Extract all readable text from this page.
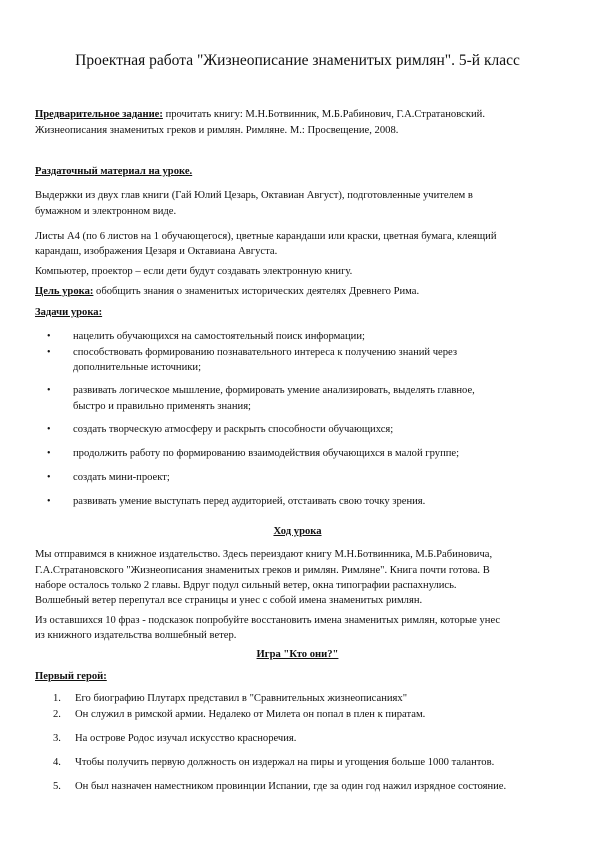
Проектная работа "Жизнеописание знаменитых римлян". 5-й класс
Предварительное задание: прочитать книгу: М.Н.Ботвинник, М.Б.Рабинович, Г.А.Стратановский.
Жизнеописания знаменитых греков и римлян. Римляне. М.: Просвещение, 2008.
Раздаточный материал на уроке.
Выдержки из двух глав книги (Гай Юлий Цезарь, Октавиан Август), подготовленные учителем в
бумажном и электронном виде.
Листы А4 (по 6 листов на 1 обучающегося), цветные карандаши или краски, цветная бумага, клеящий
карандаш, изображения Цезаря и Октавиана Августа.
Компьютер, проектор – если дети будут создавать электронную книгу.
Цель урока: обобщить знания о знаменитых исторических деятелях Древнего Рима.
Задачи урока:
• нацелить обучающихся на самостоятельный поиск информации;
• способствовать формированию познавательного интереса к получению знаний через
дополнительные источники;
• развивать логическое мышление, формировать умение анализировать, выделять главное,
быстро и правильно применять знания;
• создать творческую атмосферу и раскрыть способности обучающихся;
• продолжить работу по формированию взаимодействия обучающихся в малой группе;
• создать мини-проект;
• развивать умение выступать перед аудиторией, отстаивать свою точку зрения.
Ход урока
Мы отправимся в книжное издательство. Здесь переиздают книгу М.Н.Ботвинника, М.Б.Рабиновича,
Г.А.Стратановского "Жизнеописания знаменитых греков и римлян. Римляне". Книга почти готова. В
наборе осталось только 2 главы. Вдруг подул сильный ветер, окна типографии распахнулись.
Волшебный ветер перепутал все страницы и унес с собой имена знаменитых римлян.
Из оставшихся 10 фраз - подсказок попробуйте восстановить имена знаменитых римлян, которые унес
из книжного издательства волшебный ветер.
Игра "Кто они?"
Первый герой:
1. Его биографию Плутарх представил в "Сравнительных жизнеописаниях"
2. Он служил в римской армии. Недалеко от Милета он попал в плен к пиратам.
3. На острове Родос изучал искусство красноречия.
4. Чтобы получить первую должность он издержал на пиры и угощения больше 1000 талантов.
5. Он был назначен наместником провинции Испании, где за один год нажил изрядное состояние.
